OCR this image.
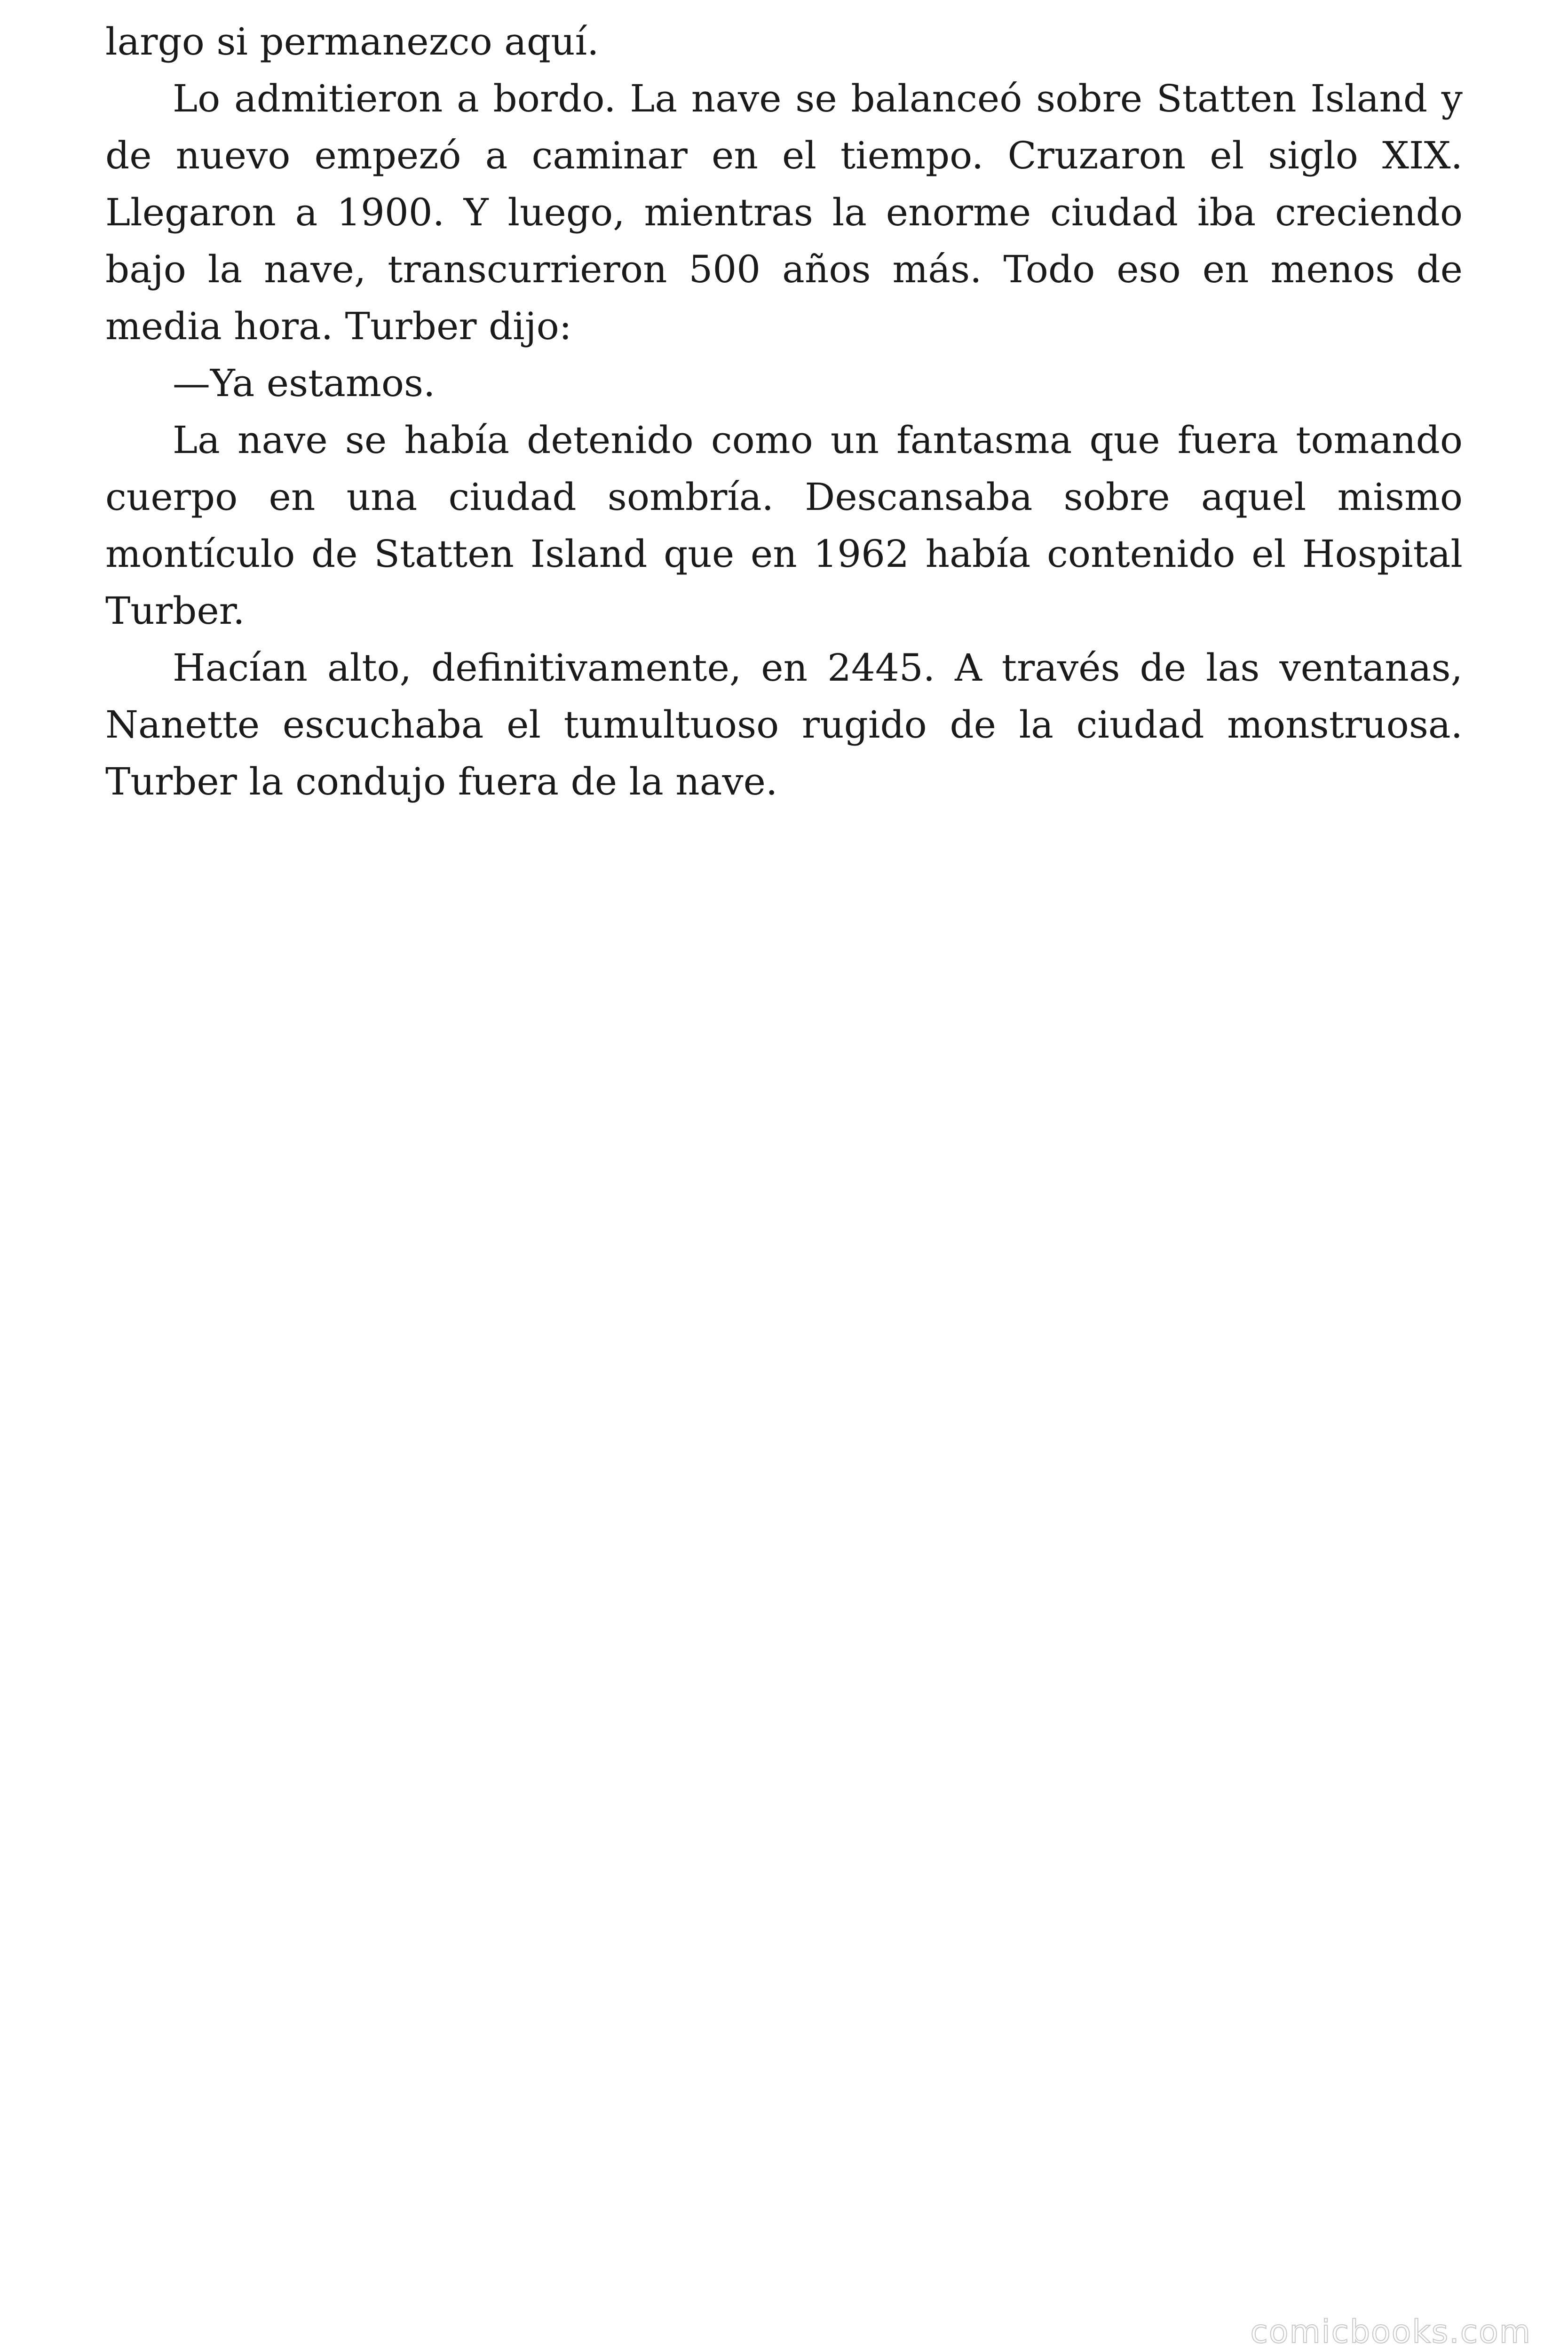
largo si permanezco aquí.

Lo admitieron a bordo. La nave se balanceó sobre Statten Island y de nuevo empezó a caminar en el tiempo. Cruzaron el siglo XIX. Llegaron a 1900. Y luego, mientras la enorme ciudad iba creciendo bajo la nave, transcurrieron 500 años más. Todo eso en menos de media hora. Turber dijo:

—Ya estamos.

La nave se había detenido como un fantasma que fuera tomando cuerpo en una ciudad sombría. Descansaba sobre aquel mismo montículo de Statten Island que en 1962 había contenido el Hospital Turber.

Hacían alto, definitivamente, en 2445. A través de las ventanas, Nanette escuchaba el tumultuoso rugido de la ciudad monstruosa. Turber la condujo fuera de la nave.

comicbooks.com
